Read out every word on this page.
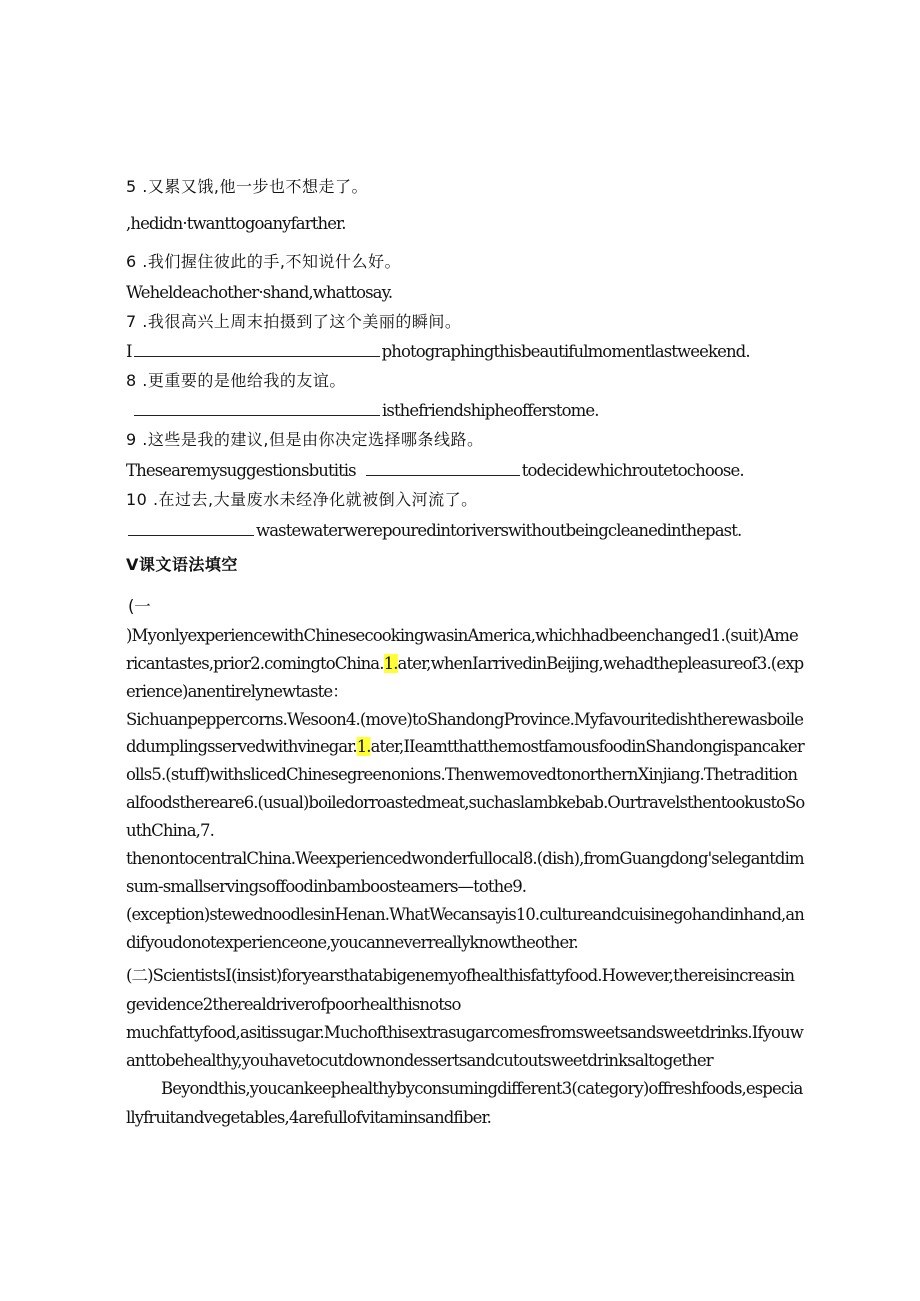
5 .又累又饿,他一步也不想走了。
,hedidn·twanttogoanyfarther.
6 .我们握住彼此的手,不知说什么好。
Weheldeachother·shand,whattosay.
7 .我很高兴上周末拍摄到了这个美丽的瞬间。
I	photographingthisbeautifulmomentlastweekend.
8 .更重要的是他给我的友谊。
isthefriendshipheofferstome.
9 .这些是我的建议,但是由你决定选择哪条线路。
Thesearemysuggestionsbutitis	todecidewhichroutetochoose.
10 .在过去,大量废水未经净化就被倒入河流了。
wastewaterwerepouredintoriverswithoutbeingcleanedinthepast.
V课文语法填空
(一
)MyonlyexperiencewithChinesecookingwasinAmerica,whichhadbeenchanged1.(suit)Ame
ricantastes,prior2.comingtoChina.1.ater,whenIarrivedinBeijing,wehadthepleasureof3.(exp
erience)anentirelynewtaste：
Sichuanpeppercorns.Wesoon4.(move)toShandongProvince.Myfavouritedishtherewasboile
ddumplingsservedwithvinegar.1.ater,IIeamtthatthemostfamousfoodinShandongispancaker
olls5.(stuff)withslicedChinesegreenonions.ThenwemovedtonorthernXinjiang.Thetradition
alfoodsthereare6.(usual)boiledorroastedmeat,suchaslambkebab.OurtravelsthentookustoSo
uthChina,7.
thenontocentralChina.Weexperiencedwonderfullocal8.(dish),fromGuangdong'selegantdim
sum-smallservingsoffoodinbamboosteamers—tothe9.
(exception)stewednoodlesinHenan.WhatWecansayis10.cultureandcuisinegohandinhand,an
difyoudonotexperienceone,youcanneverreallyknowtheother.
(二)ScientistsI(insist)foryearsthatabigenemyofhealthisfattyfood.However,thereisincreasin
gevidence2therealdriverofpoorhealthisnotso
muchfattyfood,asitissugar.Muchofthisextrasugarcomesfromsweetsandsweetdrinks.Ifyouw
anttobehealthy,youhavetocutdownondessertsandcutoutsweetdrinksaltogether
Beyondthis,youcankeephealthybyconsumingdifferent3(category)offreshfoods,especia
llyfruitandvegetables,4arefullofvitaminsandfiber.
